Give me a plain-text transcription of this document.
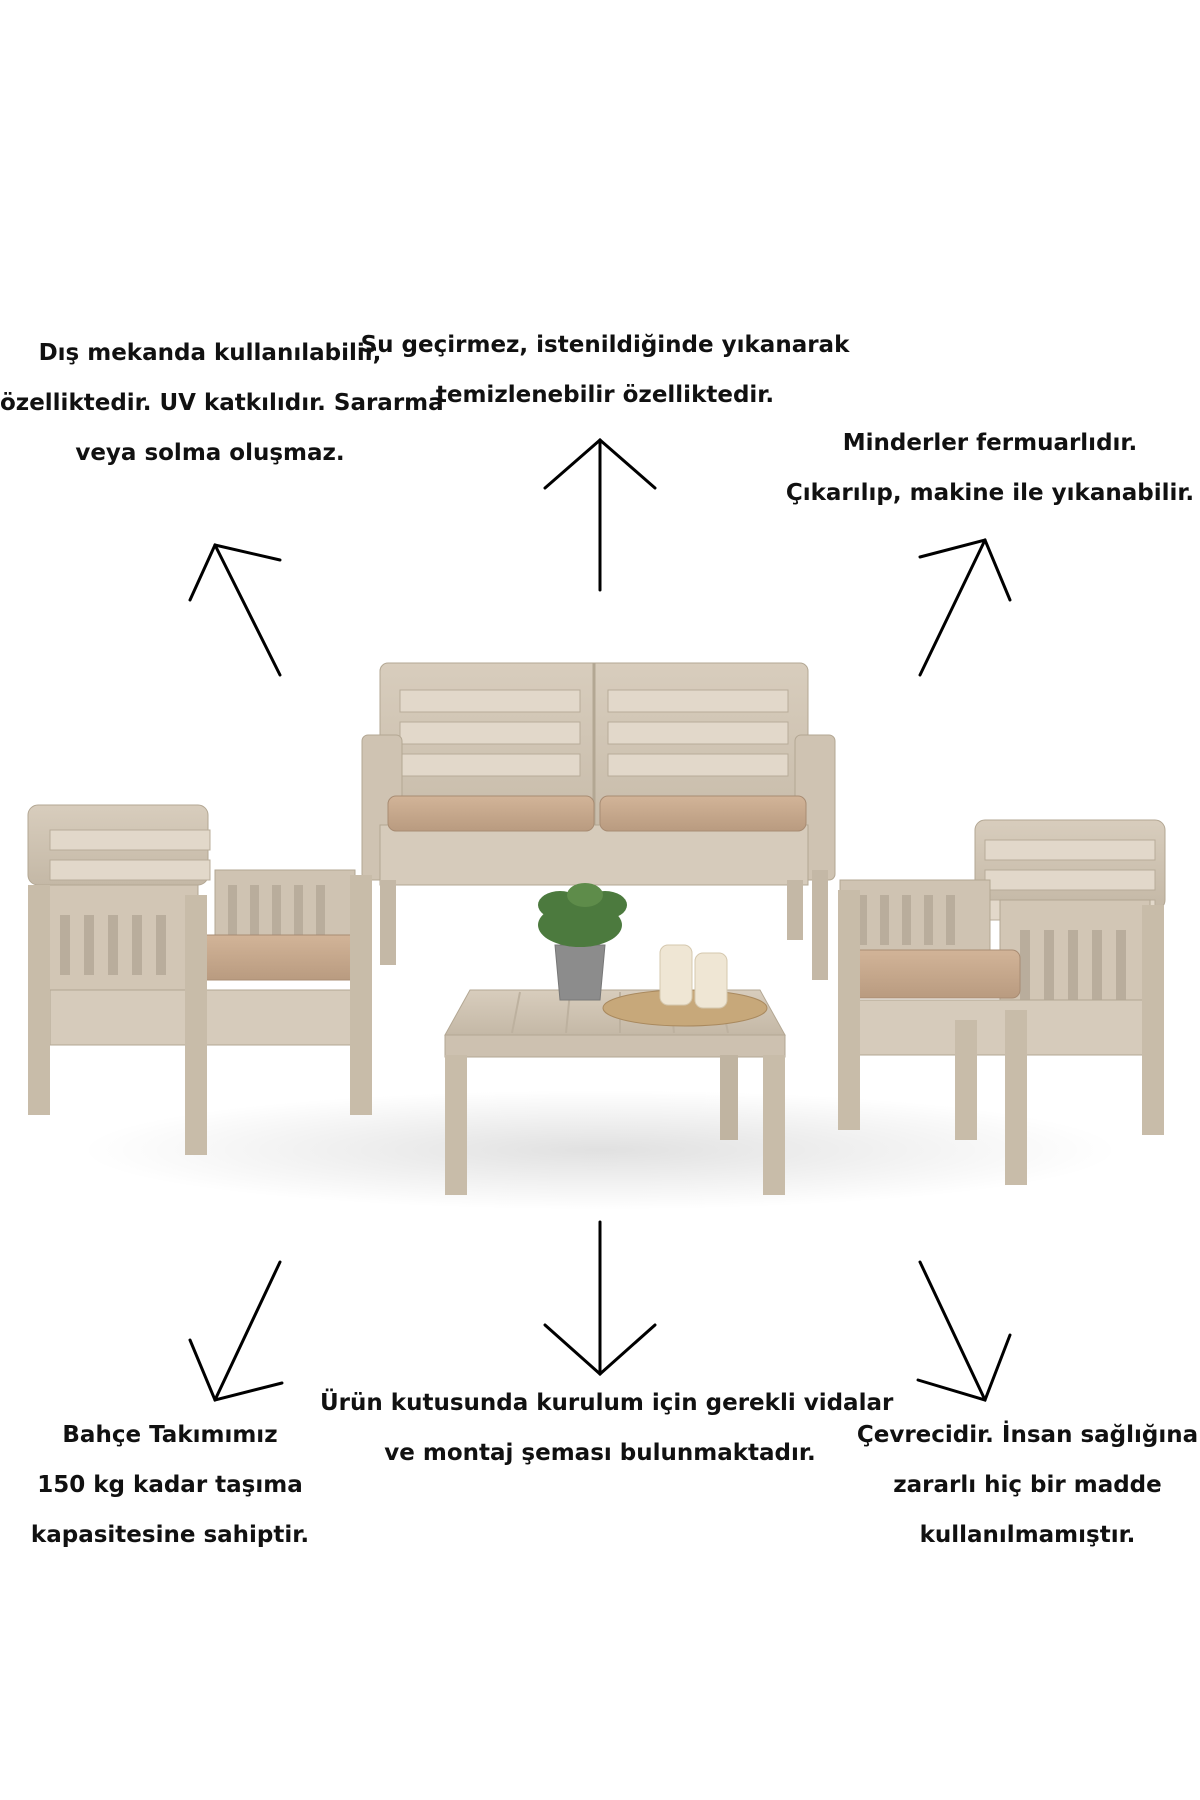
Dış mekanda kullanılabilir,
özelliktedir. UV katkılıdır. Sararma
veya solma oluşmaz.
Su geçirmez, istenildiğinde yıkanarak
temizlenebilir özelliktedir.
Minderler fermuarlıdır.
Çıkarılıp, makine ile yıkanabilir.
Bahçe Takımımız
150 kg kadar taşıma
kapasitesine sahiptir.
Ürün kutusunda kurulum için gerekli vidalar
ve montaj şeması bulunmaktadır.
Çevrecidir. İnsan sağlığına
zararlı hiç bir madde
kullanılmamıştır.
